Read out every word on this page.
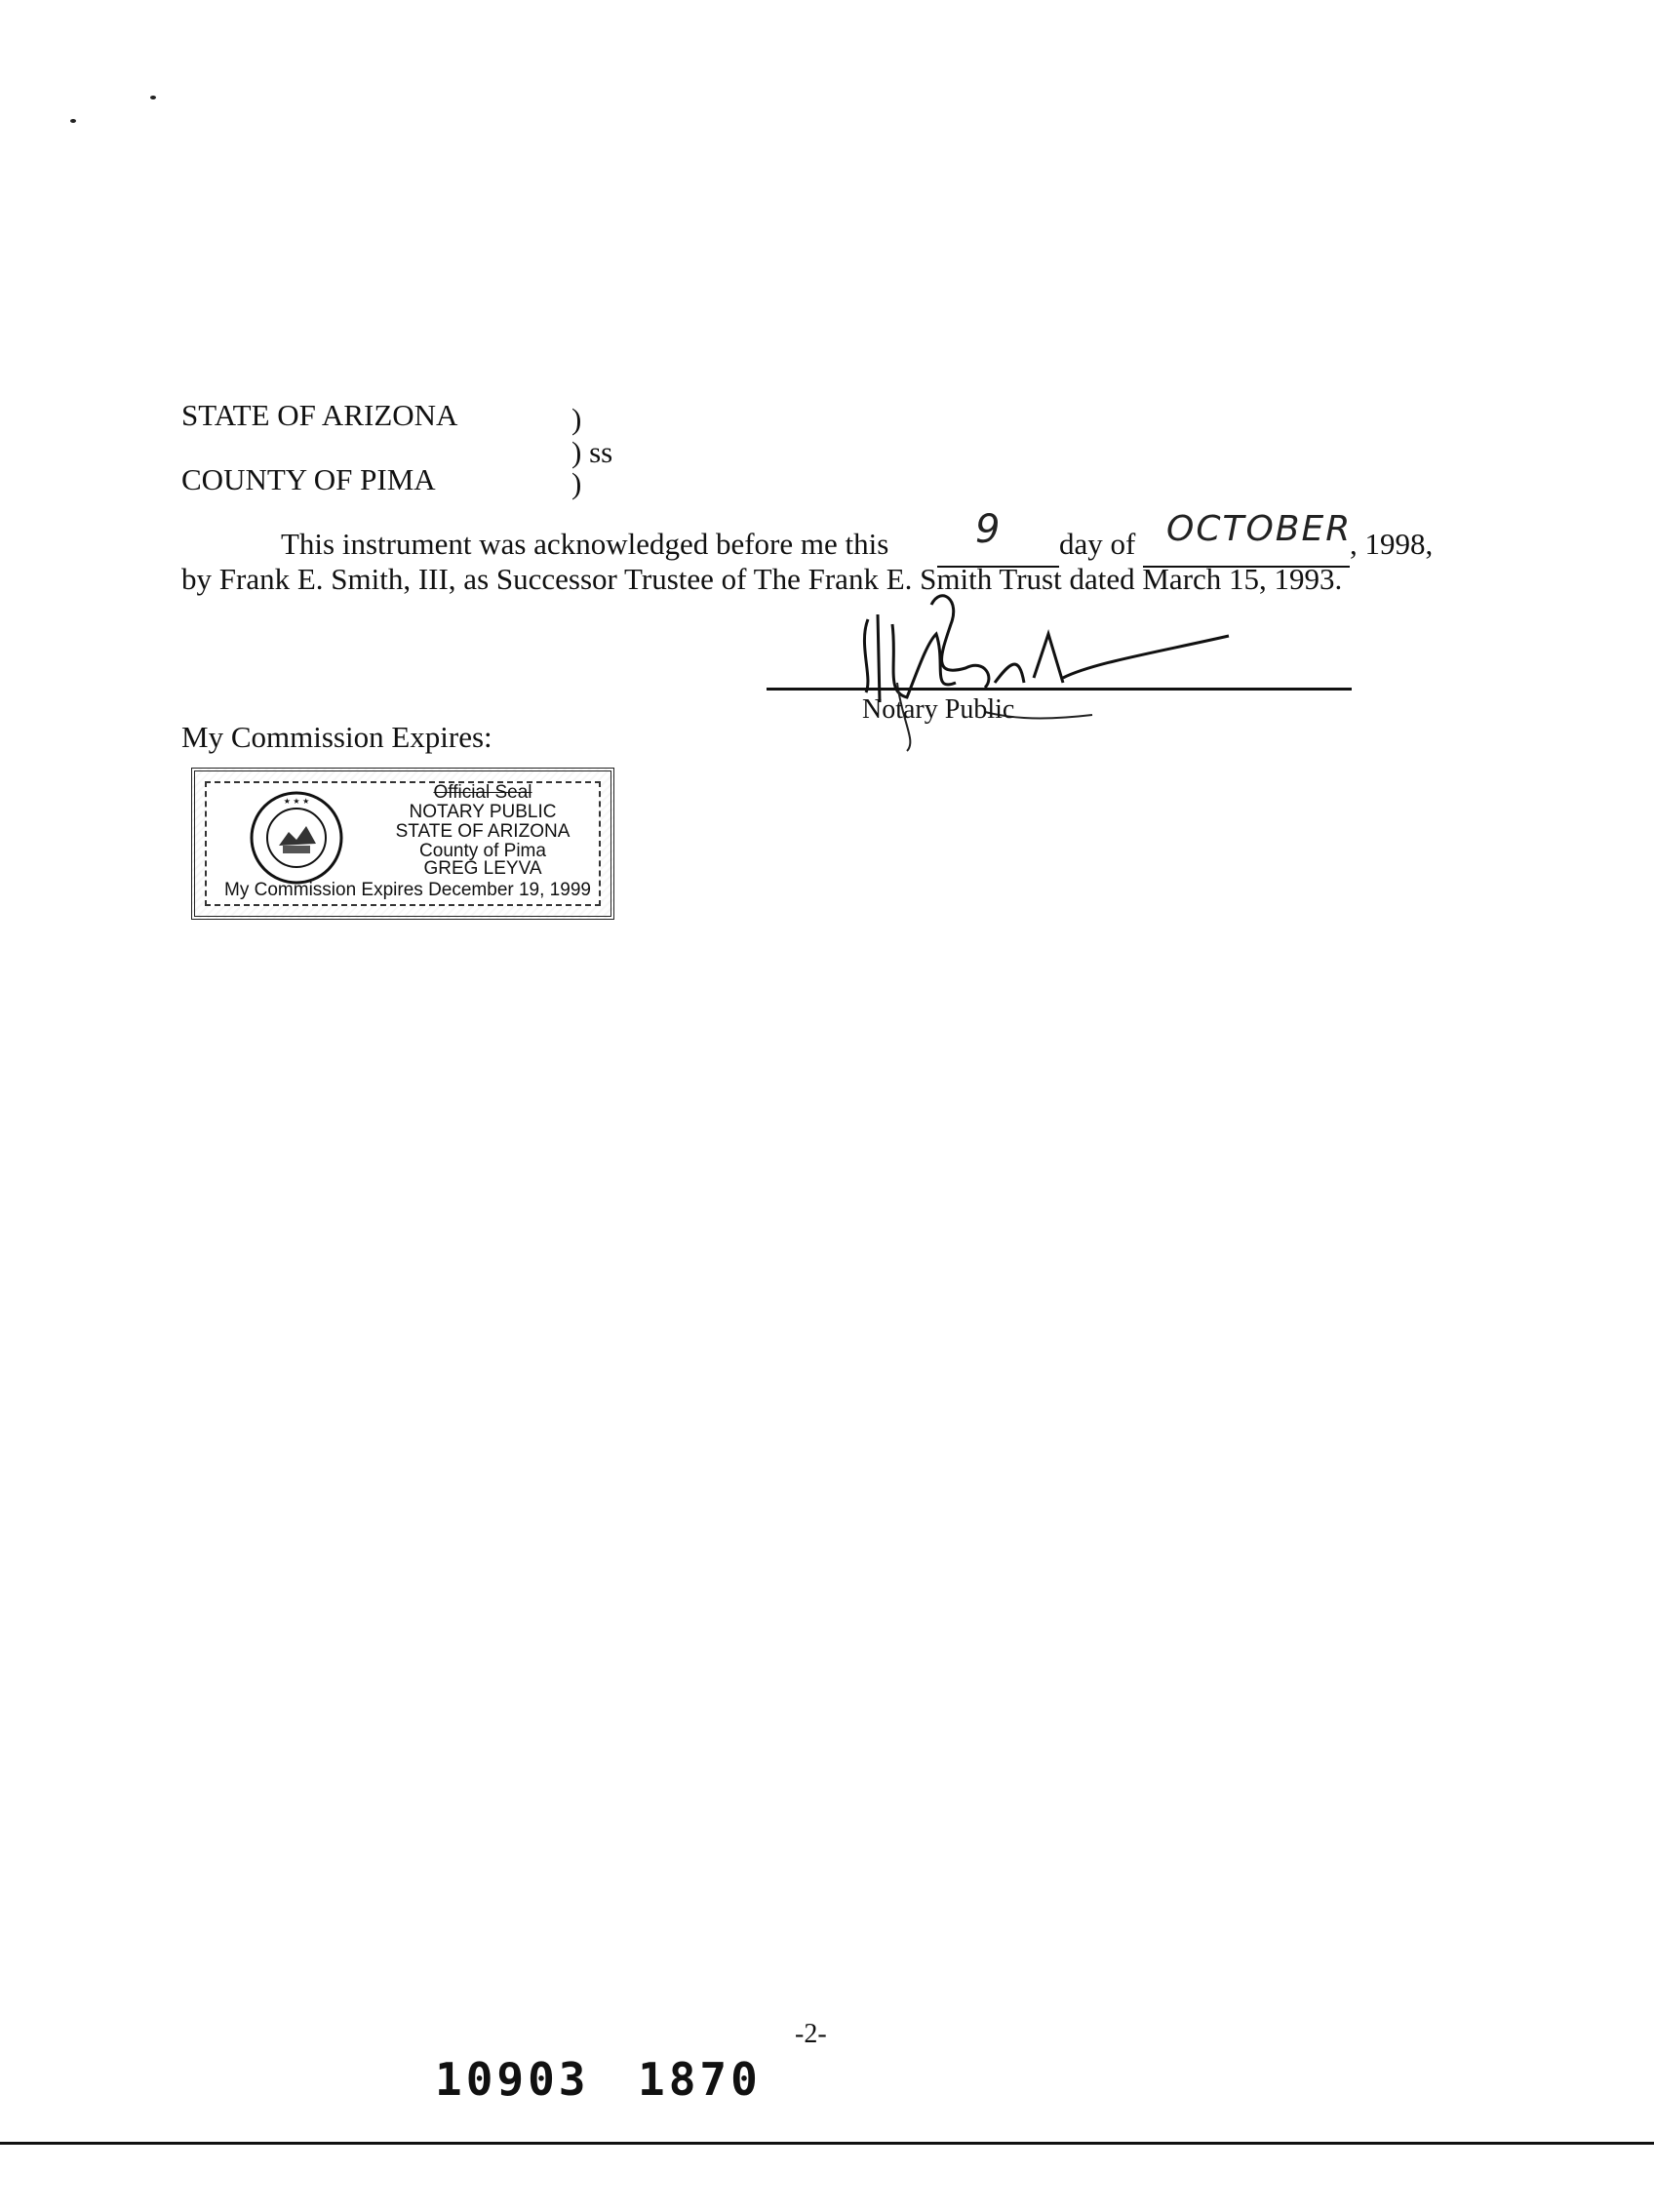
STATE OF ARIZONA	)
) ss
COUNTY OF PIMA	)
This instrument was acknowledged before me this 9 day of OCTOBER
, 1998,
by Frank E. Smith, III, as Successor Trustee of The Frank E. Smith Trust dated March 15, 1993.
Notary Public
My Commission Expires:
★ ★ ★	Official Seal
NOTARY PUBLIC
STATE OF ARIZONA
County of Pima
GREG LEYVA
My Commission Expires December 19, 1999
-2-
10903 1870
